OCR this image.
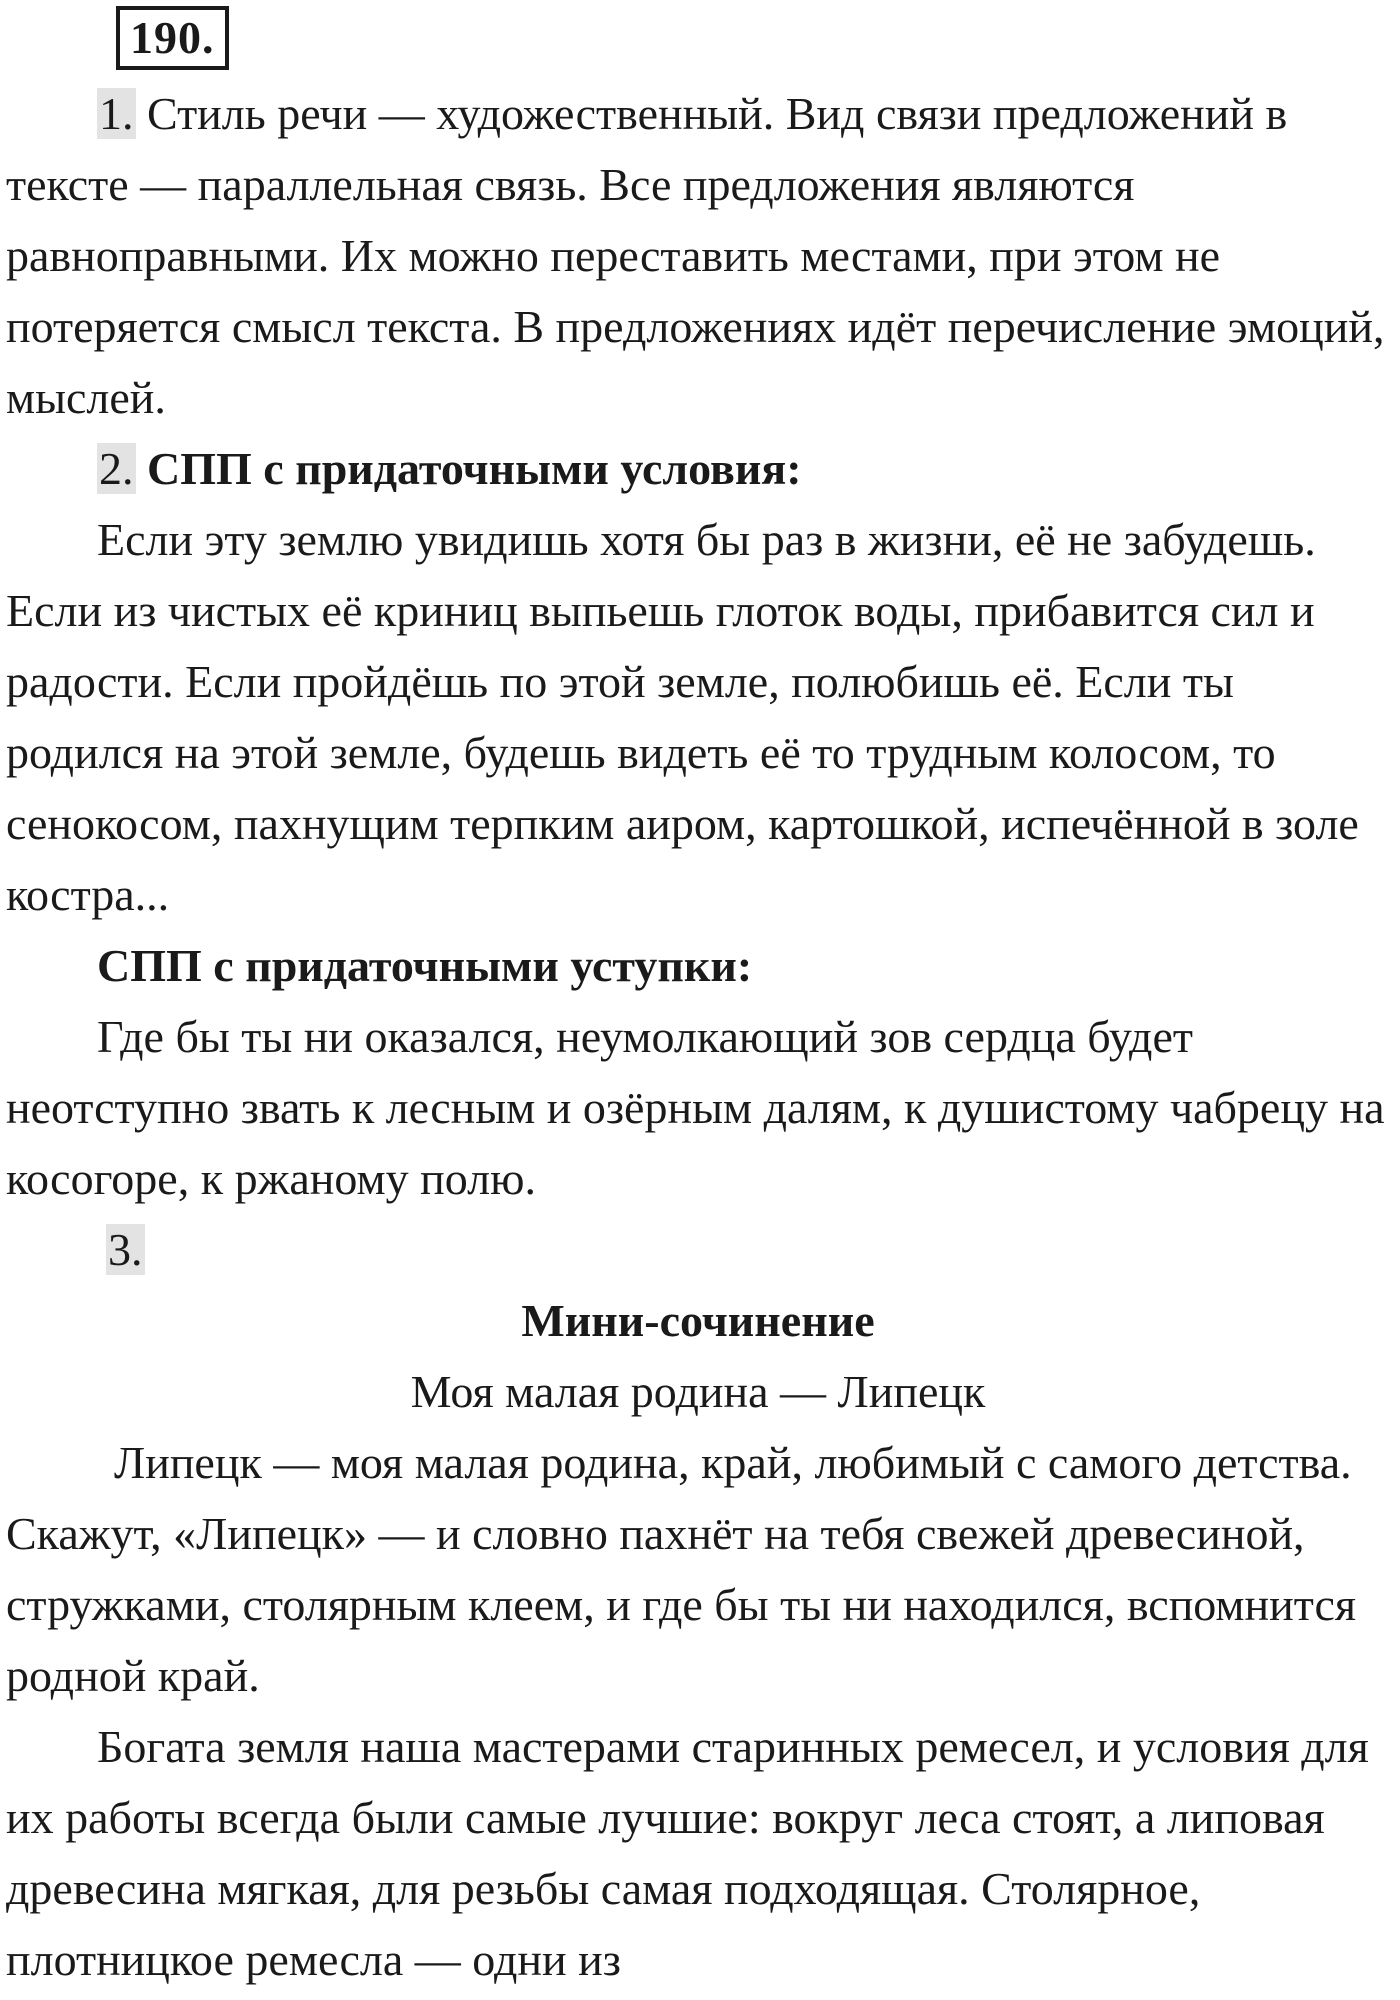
190.

1. Стиль речи — художественный. Вид связи предложений в тексте — параллельная связь. Все предложения являются равноправными. Их можно переставить местами, при этом не потеряется смысл текста. В предложениях идёт перечисление эмоций, мыслей.

2. СПП с придаточными условия:

Если эту землю увидишь хотя бы раз в жизни, её не забудешь. Если из чистых её криниц выпьешь глоток воды, прибавится сил и радости. Если пройдёшь по этой земле, полюбишь её. Если ты родился на этой земле, будешь видеть её то трудным колосом, то сенокосом, пахнущим терпким аиром, картошкой, испечённой в золе костра...

СПП с придаточными уступки:

Где бы ты ни оказался, неумолкающий зов сердца будет неотступно звать к лесным и озёрным далям, к душистому чабрецу на косогоре, к ржаному полю.

3.

Мини-сочинение

Моя малая родина — Липецк

Липецк — моя малая родина, край, любимый с самого детства. Скажут, «Липецк» — и словно пахнёт на тебя свежей древесиной, стружками, столярным клеем, и где бы ты ни находился, вспомнится родной край.

Богата земля наша мастерами старинных ремесел, и условия для их работы всегда были самые лучшие: вокруг леса стоят, а липовая древесина мягкая, для резьбы самая подходящая. Столярное, плотницкое ремесла — одни из
